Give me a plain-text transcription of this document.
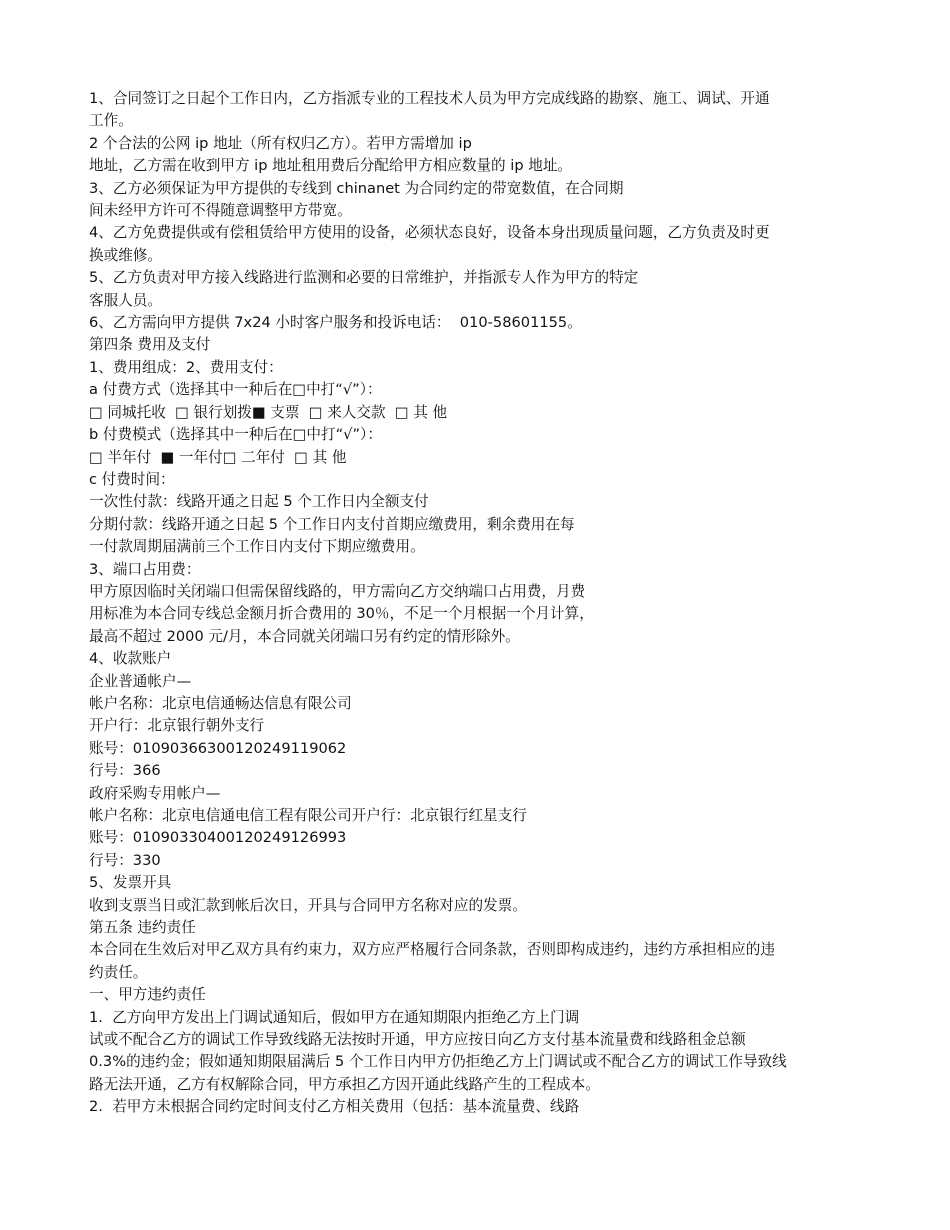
1、合同签订之日起个工作日内，乙方指派专业的工程技术人员为甲方完成线路的勘察、施工、调试、开通
工作。
2 个合法的公网 ip 地址（所有权归乙方）。若甲方需增加 ip
地址，乙方需在收到甲方 ip 地址租用费后分配给甲方相应数量的 ip 地址。
3、乙方必须保证为甲方提供的专线到 chinanet 为合同约定的带宽数值，在合同期
间未经甲方许可不得随意调整甲方带宽。
4、乙方免费提供或有偿租赁给甲方使用的设备，必须状态良好，设备本身出现质量问题，乙方负责及时更
换或维修。
5、乙方负责对甲方接入线路进行监测和必要的日常维护，并指派专人作为甲方的特定
客服人员。
6、乙方需向甲方提供 7x24 小时客户服务和投诉电话：  010-58601155。
第四条 费用及支付
1、费用组成：2、费用支付：
a 付费方式（选择其中一种后在□中打“√”）：
□ 同城托收  □ 银行划拨■ 支票  □ 来人交款  □ 其 他
b 付费模式（选择其中一种后在□中打“√”）：
□ 半年付  ■ 一年付□ 二年付  □ 其 他
c 付费时间：
一次性付款：线路开通之日起 5 个工作日内全额支付
分期付款：线路开通之日起 5 个工作日内支付首期应缴费用，剩余费用在每
一付款周期届满前三个工作日内支付下期应缴费用。
3、端口占用费：
甲方原因临时关闭端口但需保留线路的，甲方需向乙方交纳端口占用费，月费
用标准为本合同专线总金额月折合费用的 30％，不足一个月根据一个月计算，
最高不超过 2000 元/月，本合同就关闭端口另有约定的情形除外。
4、收款账户
企业普通帐户—
帐户名称：北京电信通畅达信息有限公司
开户行：北京银行朝外支行
账号：01090366300120249119062
行号：366
政府采购专用帐户—
帐户名称：北京电信通电信工程有限公司开户行：北京银行红星支行
账号：01090330400120249126993
行号：330
5、发票开具
收到支票当日或汇款到帐后次日，开具与合同甲方名称对应的发票。
第五条 违约责任
本合同在生效后对甲乙双方具有约束力，双方应严格履行合同条款，否则即构成违约，违约方承担相应的违
约责任。
一、甲方违约责任
1.  乙方向甲方发出上门调试通知后，假如甲方在通知期限内拒绝乙方上门调
试或不配合乙方的调试工作导致线路无法按时开通，甲方应按日向乙方支付基本流量费和线路租金总额
0.3%的违约金；假如通知期限届满后 5 个工作日内甲方仍拒绝乙方上门调试或不配合乙方的调试工作导致线
路无法开通，乙方有权解除合同，甲方承担乙方因开通此线路产生的工程成本。
2.  若甲方未根据合同约定时间支付乙方相关费用（包括：基本流量费、线路
